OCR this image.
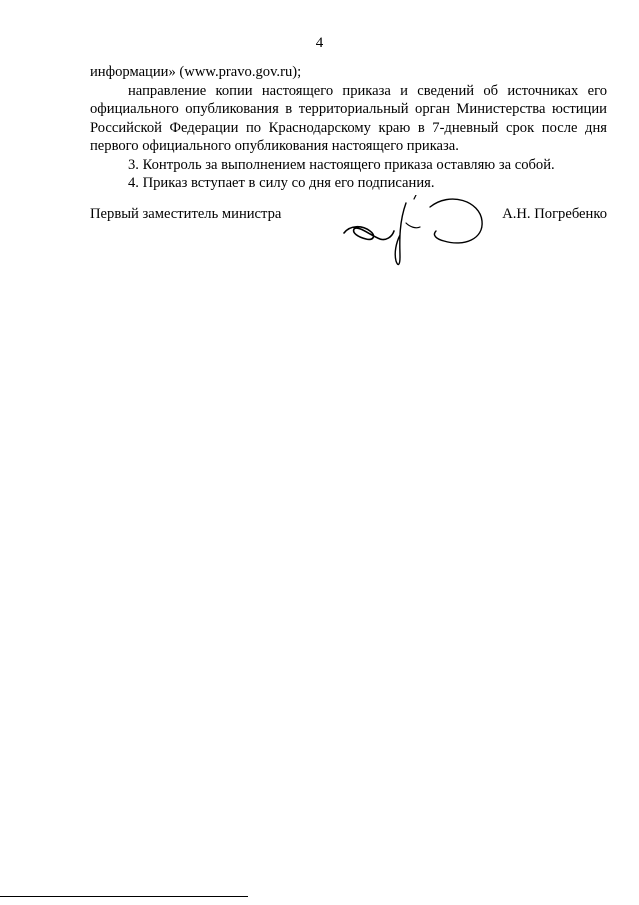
4

информации» (www.pravo.gov.ru);

направление копии настоящего приказа и сведений об источниках его официального опубликования в территориальный орган Министерства юстиции Российской Федерации по Краснодарскому краю в 7-дневный срок после дня первого официального опубликования настоящего приказа.

3. Контроль за выполнением настоящего приказа оставляю за собой.

4. Приказ вступает в силу со дня его подписания.

Первый заместитель министра	А.Н. Погребенко
